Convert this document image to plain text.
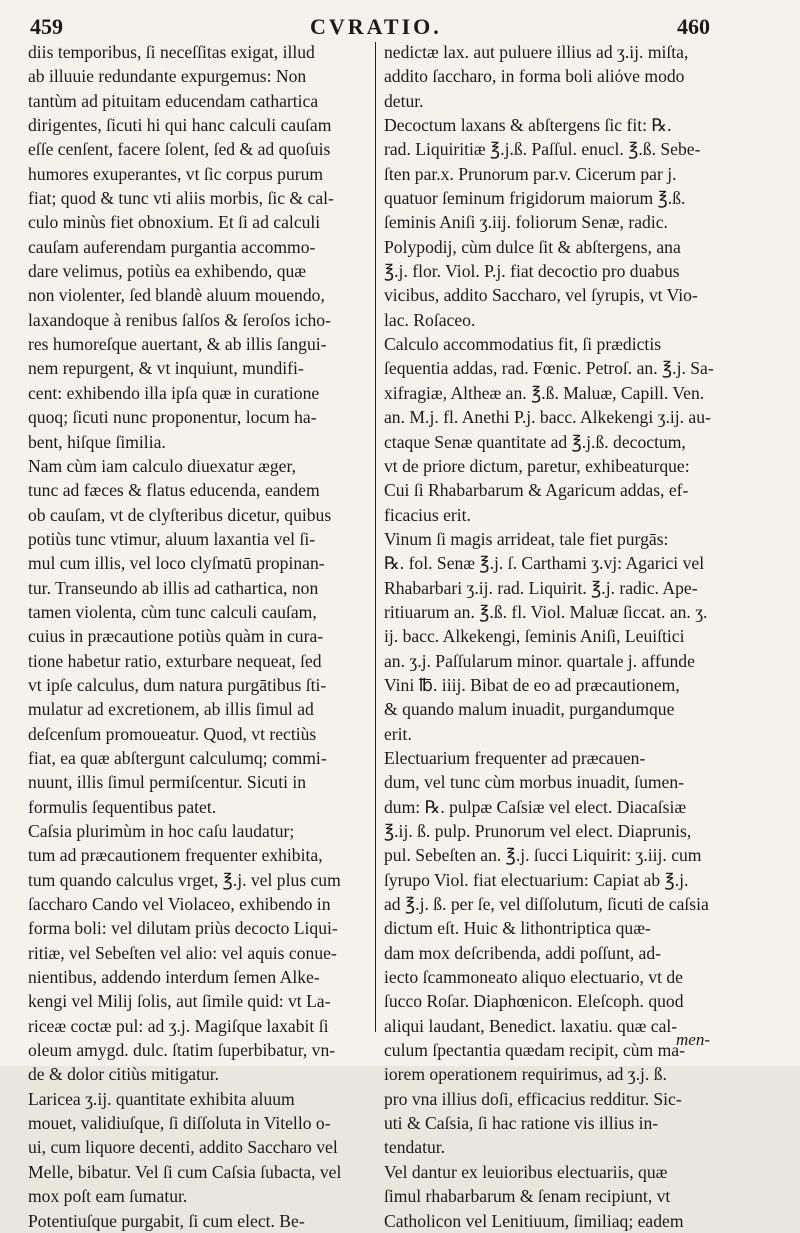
459	CVRATIO.	460
diis temporibus, ſi neceſſitas exigat, illud
ab illuuie redundante expurgemus: Non
tantùm ad pituitam educendam cathartica
dirigentes, ſicuti hi qui hanc calculi cauſam
eſſe cenſent, facere ſolent, ſed & ad quoſuis
humores exuperantes, vt ſic corpus purum
fiat; quod & tunc vti aliis morbis, ſic & cal-
culo minùs fiet obnoxium. Et ſi ad calculi
cauſam auferendam purgantia accommo-
dare velimus, potiùs ea exhibendo, quæ
non violenter, ſed blandè aluum mouendo,
laxandoque à renibus ſalſos & ſeroſos ichо-
res humoreſque auertant, & ab illis ſangui-
nem repurgent, & vt inquiunt, mundifi-
cent: exhibendo illa ipſa quæ in curatione
quoq; ſicuti nunc proponentur, locum ha-
bent, hiſque ſimilia.
Nam cùm iam calculo diuexatur æger,
tunc ad fæces & flatus educenda, eandem
ob cauſam, vt de clyſteribus dicetur, quibus
potiùs tunc vtimur, aluum laxantia vel ſi-
mul cum illis, vel loco clyſmatū propinan-
tur. Transeundo ab illis ad cathartica, non
tamen violenta, cùm tunc calculi cauſam,
cuius in præcautione potiùs quàm in cura-
tione habetur ratio, exturbare nequeat, ſed
vt ipſe calculus, dum natura purgātibus ſti-
mulatur ad excretionem, ab illis ſimul ad
deſcenſum promoueatur. Quod, vt rectiùs
fiat, ea quæ abſtergunt calculumq; commi-
nuunt, illis ſimul permiſcentur. Sicuti in
formulis ſequentibus patet.
Caſsia plurimùm in hoc caſu laudatur;
tum ad præcautionem frequenter exhibita,
tum quando calculus vrget, ℥.j. vel plus cum
ſaccharo Cando vel Violaceo, exhibendo in
forma boli: vel dilutam priùs decocto Liqui-
ritiæ, vel Sebeſten vel alio: vel aquis conue-
nientibus, addendo interdum ſemen Alke-
kengi vel Milij ſolis, aut ſimile quid: vt La-
riceæ coctæ pul: ad ʒ.j. Magiſque laxabit ſi
oleum amygd. dulc. ſtatim ſuperbibatur, vn-
de & dolor citiùs mitigatur.
Laricea ʒ.ij. quantitate exhibita aluum
mouet, validiuſque, ſi diſſoluta in Vitello o-
ui, cum liquore decenti, addito Saccharo vel
Melle, bibatur. Vel ſi cum Caſsia ſubacta, vel
mox poſt eam ſumatur.
Potentiuſque purgabit, ſi cum elect. Be-
nedictæ lax. aut puluere illius ad ʒ.ij. miſta,
addito ſaccharo, in forma boli aliόve modo
detur.
Decoctum laxans & abſtergens ſic fit: ℞.
rad. Liquiritiæ ℥.j.ß. Paſſul. enucl. ℥.ß. Sebe-
ſten par.x. Prunorum par.v. Cicerum par j.
quatuor ſeminum frigidorum maiorum ℥.ß.
ſeminis Aniſi ʒ.iij. foliorum Senæ, radic.
Polypodij, cùm dulce ſit & abſtergens, ana
℥.j. flor. Viol. P.j. fiat decoctio pro duabus
vicibus, addito Saccharo, vel ſyrupis, vt Vio-
lac. Roſaceo.
Calculo accommodatius fit, ſi prædictis
ſequentia addas, rad. Fœnic. Petroſ. an. ℥.j. Sa-
xifragiæ, Altheæ an. ℥.ß. Maluæ, Capill. Ven.
an. M.j. fl. Anethi P.j. bacc. Alkekengi ʒ.ij. au-
ctaque Senæ quantitate ad ℥.j.ß. decoctum,
vt de priore dictum, paretur, exhibeaturque:
Cui ſi Rhabarbarum & Agaricum addas, ef-
ficacius erit.
Vinum ſi magis arrideat, tale fiet purgās:
℞. fol. Senæ ℥.j. ſ. Carthami ʒ.vj: Agarici vel
Rhabarbari ʒ.ij. rad. Liquirit. ℥.j. radic. Ape-
ritiuarum an. ℥.ß. fl. Viol. Maluæ ſiccat. an. ʒ.
ij. bacc. Alkekengi, ſeminis Aniſi, Leuiſtici
an. ʒ.j. Paſſularum minor. quartale j. affunde
Vini ℔. iiij. Bibat de eo ad præcautionem,
& quando malum inuadit, purgandumque
erit.
Electuarium frequenter ad præcauen-
dum, vel tunc cùm morbus inuadit, ſumen-
dum: ℞. pulpæ Caſsiæ vel elect. Diacaſsiæ
℥.ij. ß. pulp. Prunorum vel elect. Diaprunis,
pul. Sebeſten an. ℥.j. ſucci Liquirit: ʒ.iij. cum
ſyrupo Viol. fiat electuarium: Capiat ab ℥.j.
ad ℥.j. ß. per ſe, vel diſſolutum, ſicuti de caſsia
dictum eſt. Huic & lithontriptica quæ-
dam mox deſcribenda, addi poſſunt, ad-
iecto ſcammoneato aliquo electuario, vt de
ſucco Roſar. Diaphœnicon. Eleſcoph. quod
aliqui laudant, Benedict. laxatiu. quæ cal-
culum ſpectantia quædam recipit, cùm ma-
iorem operationem requirimus, ad ʒ.j. ß.
pro vna illius doſi, efficacius redditur. Sic-
uti & Caſsia, ſi hac ratione vis illius in-
tendatur.
Vel dantur ex leuioribus electuariis, quæ
ſimul rhabarbarum & ſenam recipiunt, vt
Catholicon vel Lenitiuum, ſimiliaq; eadem
men-
